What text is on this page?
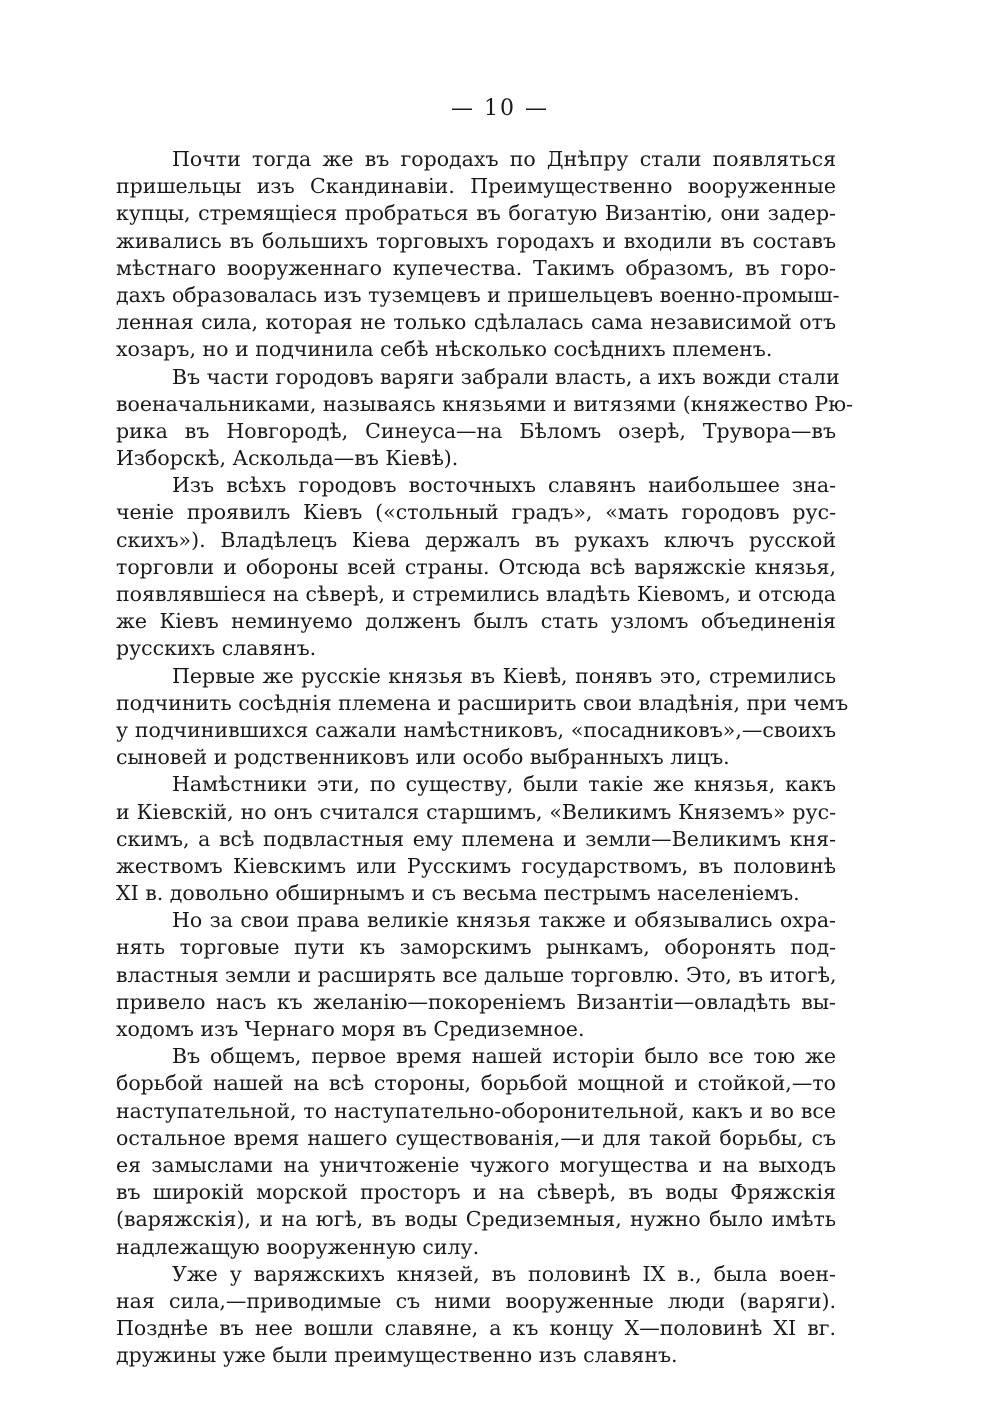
— 10 —
Почти тогда же въ городахъ по Днѣпру стали появляться
пришельцы изъ Скандинавіи. Преимущественно вооруженные
купцы, стремящіеся пробраться въ богатую Византію, они задер-
живались въ большихъ торговыхъ городахъ и входили въ составъ
мѣстнаго вооруженнаго купечества. Такимъ образомъ, въ горо-
дахъ образовалась изъ туземцевъ и пришельцевъ военно-промыш-
ленная сила, которая не только сдѣлалась сама независимой отъ
хозаръ, но и подчинила себѣ нѣсколько сосѣднихъ племенъ.
Въ части городовъ варяги забрали власть, а ихъ вожди стали
военачальниками, называясь князьями и витязями (княжество Рю-
рика въ Новгородѣ, Синеуса—на Бѣломъ озерѣ, Трувора—въ
Изборскѣ, Аскольда—въ Кіевѣ).
Изъ всѣхъ городовъ восточныхъ славянъ наибольшее зна-
ченіе проявилъ Кіевъ («стольный градъ», «мать городовъ рус-
скихъ»). Владѣлецъ Кіева держалъ въ рукахъ ключъ русской
торговли и обороны всей страны. Отсюда всѣ варяжскіе князья,
появлявшіеся на сѣверѣ, и стремились владѣть Кіевомъ, и отсюда
же Кіевъ неминуемо долженъ былъ стать узломъ объединенія
русскихъ славянъ.
Первые же русскіе князья въ Кіевѣ, понявъ это, стремились
подчинить сосѣднія племена и расширить свои владѣнія, при чемъ
у подчинившихся сажали намѣстниковъ, «посадниковъ»,—своихъ
сыновей и родственниковъ или особо выбранныхъ лицъ.
Намѣстники эти, по существу, были такіе же князья, какъ
и Кіевскій, но онъ считался старшимъ, «Великимъ Княземъ» рус-
скимъ, а всѣ подвластныя ему племена и земли—Великимъ кня-
жествомъ Кіевскимъ или Русскимъ государствомъ, въ половинѣ
XI в. довольно обширнымъ и съ весьма пестрымъ населеніемъ.
Но за свои права великіе князья также и обязывались охра-
нять торговые пути къ заморскимъ рынкамъ, оборонять под-
властныя земли и расширять все дальше торговлю. Это, въ итогѣ,
привело насъ къ желанію—покореніемъ Византіи—овладѣть вы-
ходомъ изъ Чернаго моря въ Средиземное.
Въ общемъ, первое время нашей исторіи было все тою же
борьбой нашей на всѣ стороны, борьбой мощной и стойкой,—то
наступательной, то наступательно-оборонительной, какъ и во все
остальное время нашего существованія,—и для такой борьбы, съ
ея замыслами на уничтоженіе чужого могущества и на выходъ
въ широкій морской просторъ и на сѣверѣ, въ воды Фряжскія
(варяжскія), и на югѣ, въ воды Средиземныя, нужно было имѣть
надлежащую вооруженную силу.
Уже у варяжскихъ князей, въ половинѣ IX в., была воен-
ная сила,—приводимые съ ними вооруженные люди (варяги).
Позднѣе въ нее вошли славяне, а къ концу X—половинѣ XI вг.
дружины уже были преимущественно изъ славянъ.
